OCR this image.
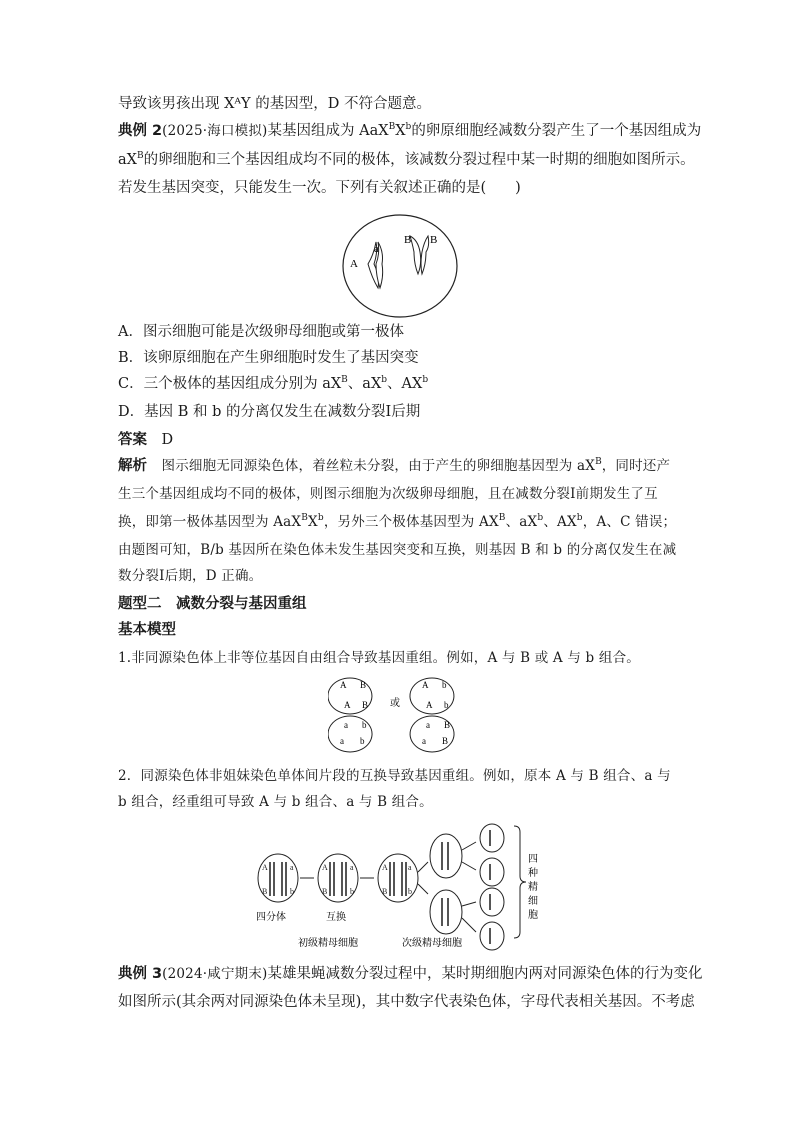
导致该男孩出现 XᴬY 的基因型，D 不符合题意。
典例 2(2025·海口模拟)某基因组成为 $AaX^BX^b$的卵原细胞经减数分裂产生了一个基因组成为
$aX^B$的卵细胞和三个基因组成均不同的极体，该减数分裂过程中某一时期的细胞如图所示。
若发生基因突变，只能发生一次。下列有关叙述正确的是(　　)
A
a
B B
A．图示细胞可能是次级卵母细胞或第一极体
B．该卵原细胞在产生卵细胞时发生了基因突变
C．三个极体的基因组成分别为 $aX^B$、$aX^b$、$AX^b$
D．基因 B 和 b 的分离仅发生在减数分裂Ⅰ后期
答案　 D
解析　 图示细胞无同源染色体，着丝粒未分裂，由于产生的卵细胞基因型为 $aX^B$，同时还产
生三个基因组成均不同的极体，则图示细胞为次级卵母细胞，且在减数分裂Ⅰ前期发生了互
换，即第一极体基因型为 $AaX^BX^b$，另外三个极体基因型为 $AX^B$、$aX^b$、$AX^b$，A、C 错误；
由题图可知，B/b 基因所在染色体未发生基因突变和互换，则基因 B 和 b 的分离仅发生在减
数分裂Ⅰ后期，D 正确。
题型二　减数分裂与基因重组
基本模型
1.非同源染色体上非等位基因自由组合导致基因重组。例如，A 与 B 或 A 与 b 组合。
A B
A B
a b
a b
A b
A b
a B
a B
或
2．同源染色体非姐妹染色单体间片段的互换导致基因重组。例如，原本 A 与 B 组合、a 与
b 组合，经重组可导致 A 与 b 组合、a 与 B 组合。
A	a
B	b
A	a
B	b
A	a
B	b
四分体	互换
初级精母细胞	次级精母细胞
四
种
精
细
胞
典例 3(2024·咸宁期末)某雄果蝇减数分裂过程中，某时期细胞内两对同源染色体的行为变化
如图所示(其余两对同源染色体未呈现)，其中数字代表染色体，字母代表相关基因。不考虑
